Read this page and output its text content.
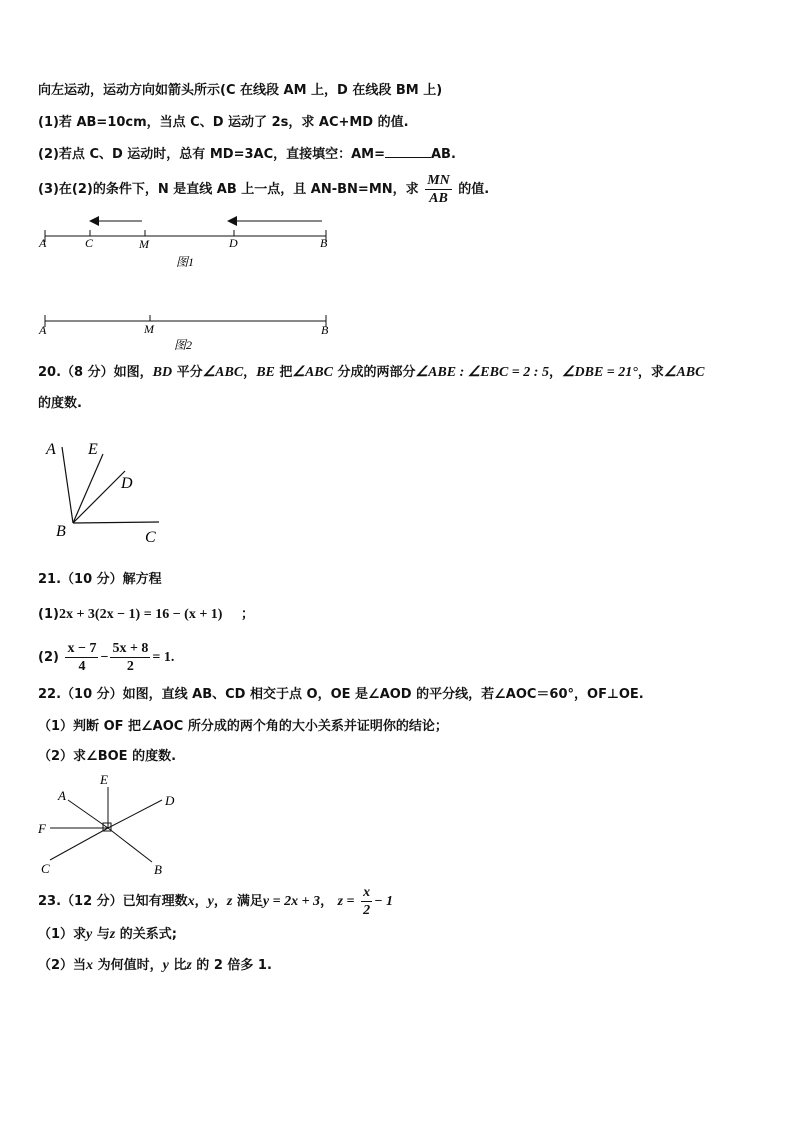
向左运动，运动方向如箭头所示(C 在线段 AM 上，D 在线段 BM 上)
(1)若 AB=10cm，当点 C、D 运动了 2s，求 AC+MD 的值.
(2)若点 C、D 运动时，总有 MD=3AC，直接填空：AM=	AB.
(3)在(2)的条件下，N 是直线 AB 上一点，且 AN-BN=MN，求 $\frac{MN}{AB}$ 的值.
A	C	M	D	B
图1
A	M	B
图2
20.（8 分）如图，BD 平分∠ABC，BE 把∠ABC 分成的两部分∠ABE : ∠EBC = 2 : 5，∠DBE = 21°，求∠ABC
的度数.
A E
D
B	C
21.（10 分）解方程
(1)2x + 3(2x − 1) = 16 − (x + 1) ；
$(2) \frac{x - 7}{4} - \frac{5x + 8}{2} = 1$.
22.（10 分）如图，直线 AB、CD 相交于点 O，OE 是∠AOD 的平分线，若∠AOC＝60°，OF⊥OE.
（1）判断 OF 把∠AOC 所分成的两个角的大小关系并证明你的结论；
（2）求∠BOE 的度数.
A
E
D
F
C	B
23.（12 分）已知有理数x，y，z 满足y = 2x + 3， $z = \frac{x}{2} - 1$
（1）求y 与z 的关系式;
（2）当x 为何值时，y 比z 的 2 倍多 1.
